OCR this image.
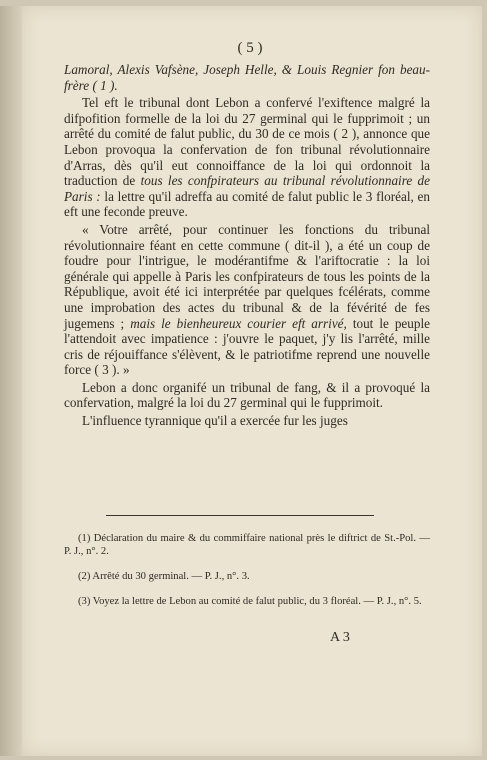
( 5 )

Lamoral, Alexis Vafsène, Joseph Helle, & Louis Regnier fon beau-frère ( 1 ).

Tel eft le tribunal dont Lebon a confervé l'exiftence malgré la difpofition formelle de la loi du 27 germinal qui le fupprimoit ; un arrêté du comité de falut public, du 30 de ce mois ( 2 ), annonce que Lebon provoqua la confervation de fon tribunal révolutionnaire d'Arras, dès qu'il eut connoiffance de la loi qui ordonnoit la traduction de tous les confpirateurs au tribunal révolutionnaire de Paris : la lettre qu'il adreffa au comité de falut public le 3 floréal, en eft une feconde preuve.

« Votre arrêté, pour continuer les fonctions du tribunal révolutionnaire féant en cette commune ( dit-il ), a été un coup de foudre pour l'intrigue, le modérantifme & l'ariftocratie : la loi générale qui appelle à Paris les confpirateurs de tous les points de la République, avoit été ici interprétée par quelques fcélérats, comme une improbation des actes du tribunal & de la févérité de fes jugemens ; mais le bienheureux courier eft arrivé, tout le peuple l'attendoit avec impatience : j'ouvre le paquet, j'y lis l'arrêté, mille cris de réjouiffance s'élèvent, & le patriotifme reprend une nouvelle force ( 3 ). »

Lebon a donc organifé un tribunal de fang, & il a provoqué la confervation, malgré la loi du 27 germinal qui le fupprimoit.

L'influence tyrannique qu'il a exercée fur les juges

(1) Déclaration du maire & du commiffaire national près le diftrict de St.-Pol. — P. J., n°. 2.

(2) Arrêté du 30 germinal. — P. J., n°. 3.

(3) Voyez la lettre de Lebon au comité de falut public, du 3 floréal. — P. J., n°. 5.

A 3
